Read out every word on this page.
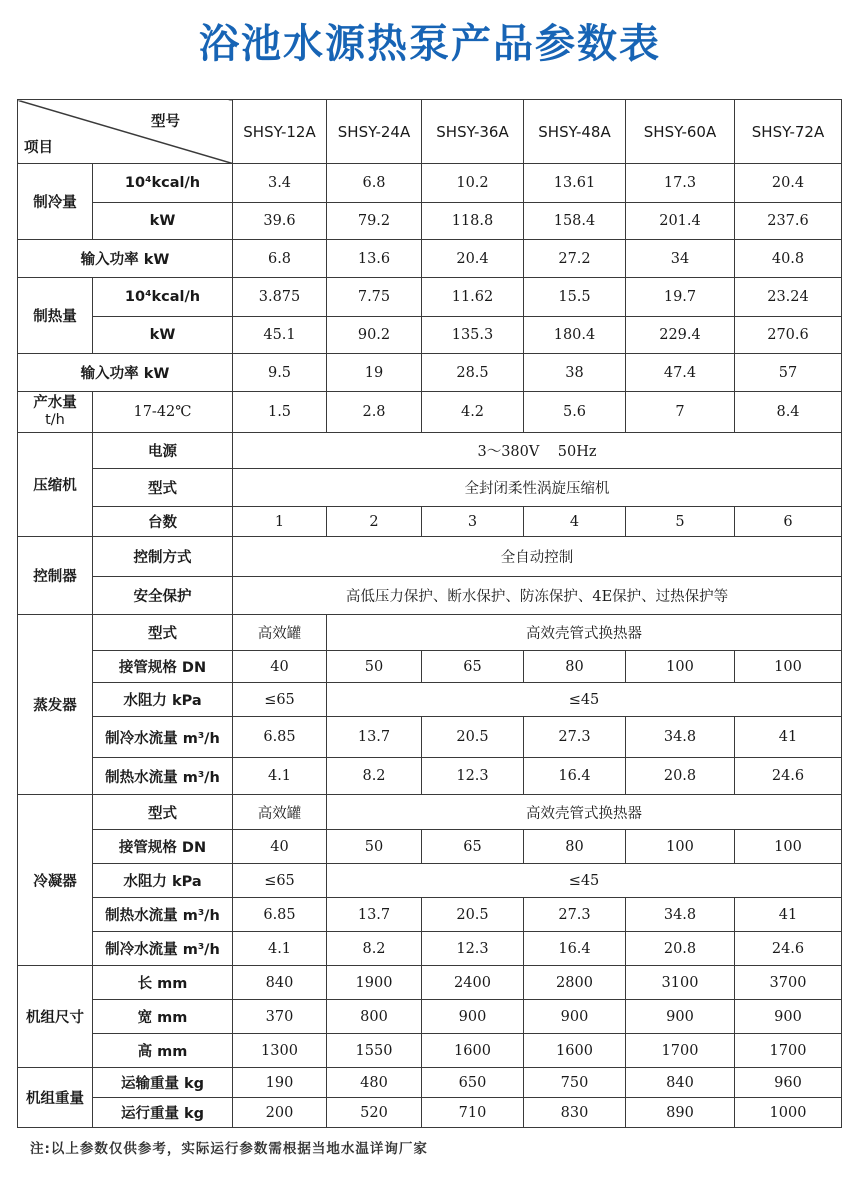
浴池水源热泵产品参数表
型号
项目		SHSY-12A	SHSY-24A	SHSY-36A	SHSY-48A	SHSY-60A	SHSY-72A
制冷量	10⁴kcal/h	3.4	6.8	10.2	13.61	17.3	20.4
	kW	39.6	79.2	118.8	158.4	201.4	237.6
输入功率 kW		6.8	13.6	20.4	27.2	34	40.8
制热量	10⁴kcal/h	3.875	7.75	11.62	15.5	19.7	23.24
	kW	45.1	90.2	135.3	180.4	229.4	270.6
输入功率 kW		9.5	19	28.5	38	47.4	57
产水量
t/h	17-42℃	1.5	2.8	4.2	5.6	7	8.4
压缩机	电源	3～380V    50Hz					
	型式	全封闭柔性涡旋压缩机					
	台数	1	2	3	4	5	6
控制器	控制方式	全自动控制					
	安全保护	高低压力保护、断水保护、防冻保护、4E保护、过热保护等					
蒸发器	型式	高效罐	高效壳管式换热器				
	接管规格 DN	40	50	65	80	100	100
	水阻力 kPa	≤65	≤45				
	制冷水流量 m³/h	6.85	13.7	20.5	27.3	34.8	41
	制热水流量 m³/h	4.1	8.2	12.3	16.4	20.8	24.6
冷凝器	型式	高效罐	高效壳管式换热器				
	接管规格 DN	40	50	65	80	100	100
	水阻力 kPa	≤65	≤45				
	制热水流量 m³/h	6.85	13.7	20.5	27.3	34.8	41
	制冷水流量 m³/h	4.1	8.2	12.3	16.4	20.8	24.6
机组尺寸	长 mm	840	1900	2400	2800	3100	3700
	宽 mm	370	800	900	900	900	900
	高 mm	1300	1550	1600	1600	1700	1700
机组重量	运输重量 kg	190	480	650	750	840	960
	运行重量 kg	200	520	710	830	890	1000
注:以上参数仅供参考，实际运行参数需根据当地水温详询厂家
